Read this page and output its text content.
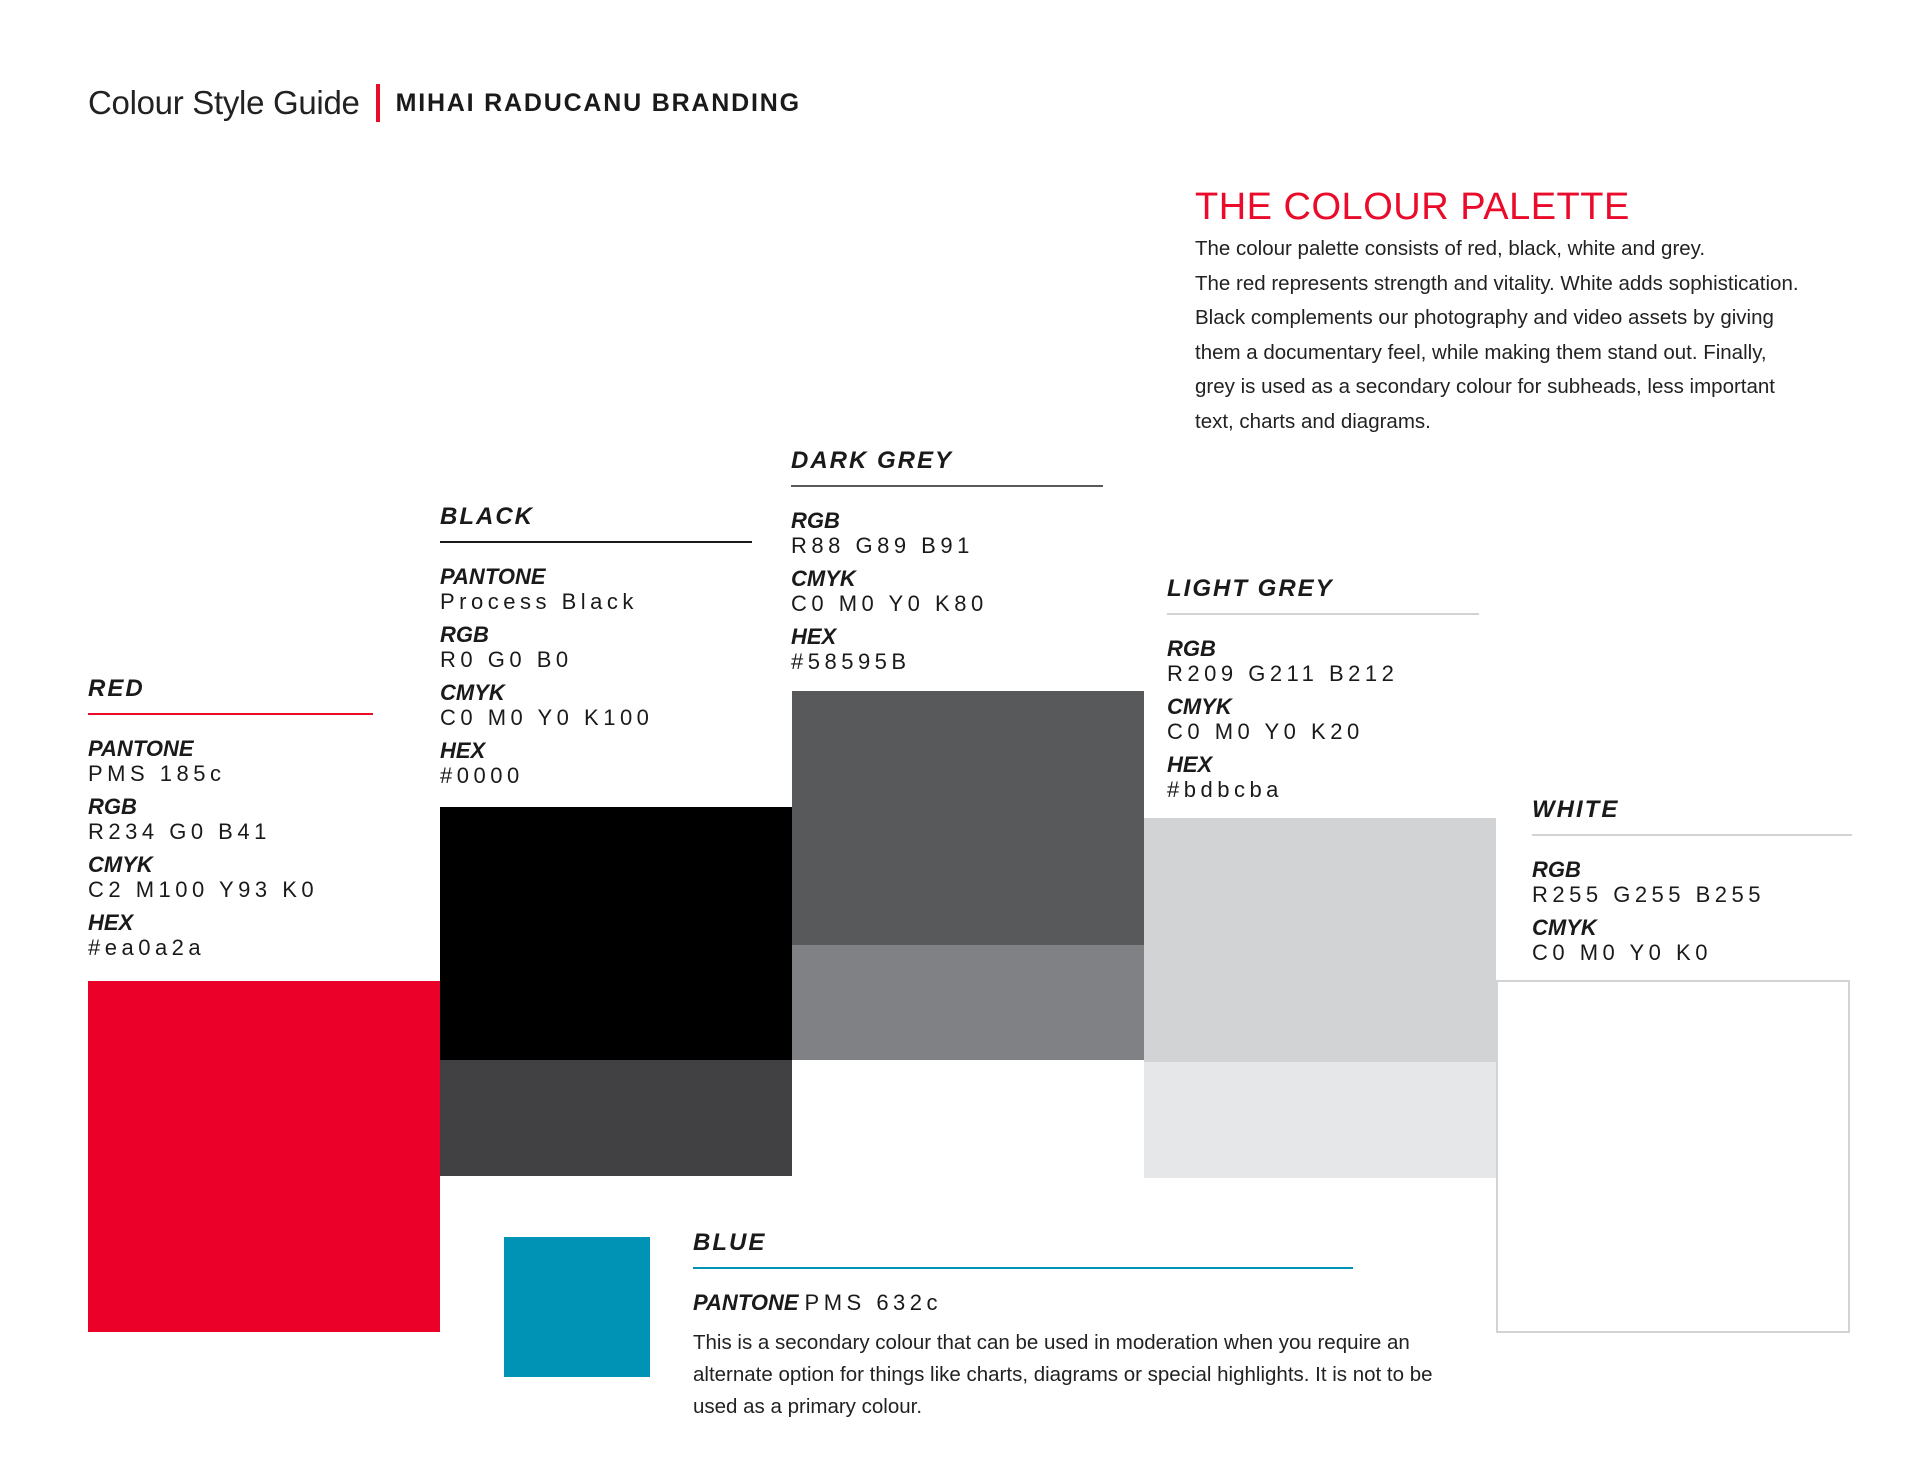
Colour Style Guide MIHAI RADUCANU BRANDING
THE COLOUR PALETTE

The colour palette consists of red, black, white and grey.

The red represents strength and vitality. White adds sophistication.

Black complements our photography and video assets by giving

them a documentary feel, while making them stand out. Finally,

grey is used as a secondary colour for subheads, less important

text, charts and diagrams.

RED
PANTONE
PMS 185c
RGB
R234 G0 B41
CMYK
C2 M100 Y93 K0
HEX
#ea0a2a
BLACK
PANTONE
Process Black
RGB
R0 G0 B0
CMYK
C0 M0 Y0 K100
HEX
#0000
DARK GREY
RGB
R88 G89 B91
CMYK
C0 M0 Y0 K80
HEX
#58595B
LIGHT GREY
RGB
R209 G211 B212
CMYK
C0 M0 Y0 K20
HEX
#bdbcba
WHITE
RGB
R255 G255 B255
CMYK
C0 M0 Y0 K0
BLUE
PANTONE PMS 632c
This is a secondary colour that can be used in moderation when you require an alternate option for things like charts, diagrams or special highlights. It is not to be used as a primary colour.
